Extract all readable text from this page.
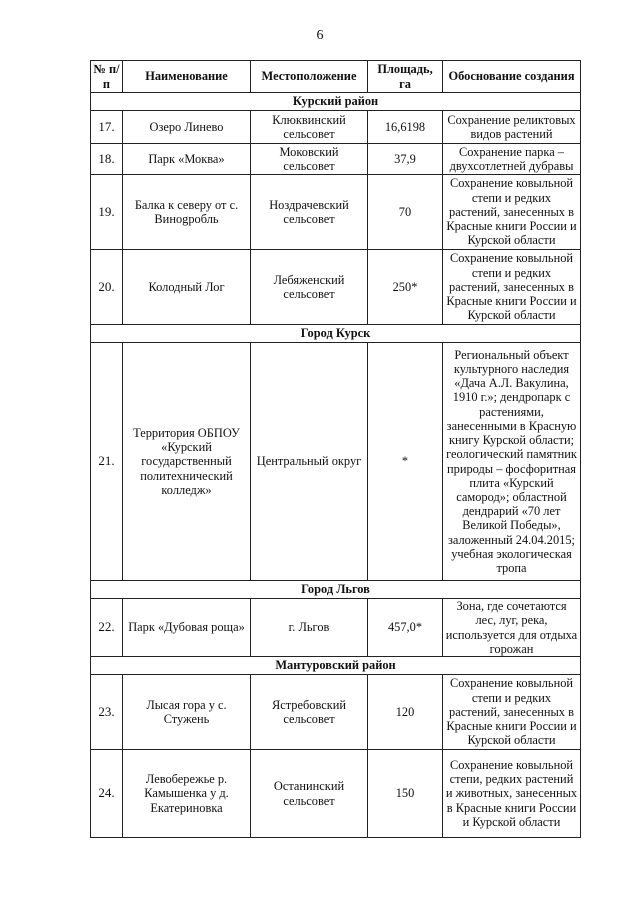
6
№ п/п	Наименование	Местоположение	Площадь, га	Обоснование создания
Курский район				
17.	Озеро Линево	Клюквинский сельсовет	16,6198	Сохранение реликтовых видов растений
18.	Парк «Моква»	Моковский сельсовет	37,9	Сохранение парка – двухсотлетней дубравы
19.	Балка к северу от с. Винogробль	Ноздрачевский сельсовет	70	Сохранение ковыльной степи и редких растений, занесенных в Красные книги России и Курской области
20.	Колодный Лог	Лебяженский сельсовет	250*	Сохранение ковыльной степи и редких растений, занесенных в Красные книги России и Курской области
Город Курск				
21.	Территория ОБПОУ «Курский государственный политехнический колледж»	Центральный округ	*	Региональный объект культурного наследия «Дача А.Л. Вакулина, 1910 г.»; дендропарк с растениями, занесенными в Красную книгу Курской области; геологический памятник природы – фосфоритная плита «Курский самород»; областной дендрарий «70 лет Великой Победы», заложенный 24.04.2015; учебная экологическая тропа
Город Льгов				
22.	Парк «Дубовая роща»	г. Льгов	457,0*	Зона, где сочетаются лес, луг, река, используется для отдыха горожан
Мантуровский район				
23.	Лысая гора у с. Стужень	Ястребовский сельсовет	120	Сохранение ковыльной степи и редких растений, занесенных в Красные книги России и Курской области
24.	Левобережье р. Камышенка у д. Екатериновка	Останинский сельсовет	150	Сохранение ковыльной степи, редких растений и животных, занесенных в Красные книги России и Курской области
